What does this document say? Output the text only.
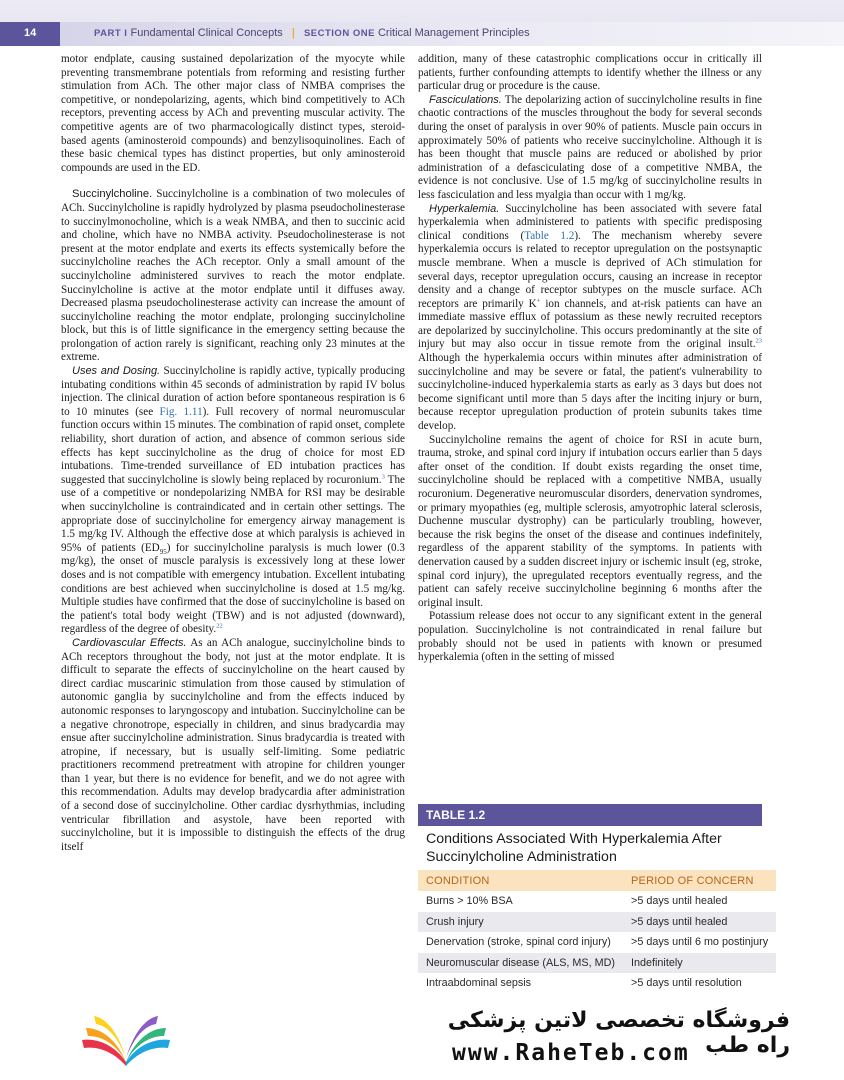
14	PART I Fundamental Clinical Concepts | SECTION ONE Critical Management Principles

motor endplate, causing sustained depolarization of the myocyte while preventing transmembrane potentials from reforming and resisting further stimulation from ACh. The other major class of NMBA comprises the competitive, or nondepolarizing, agents, which bind competitively to ACh receptors, preventing access by ACh and preventing muscular activity. The competitive agents are of two pharmacologically distinct types, steroid-based agents (aminosteroid compounds) and benzylisoquinolines. Each of these basic chemical types has distinct properties, but only aminosteroid compounds are used in the ED.

Succinylcholine. Succinylcholine is a combination of two molecules of ACh. Succinylcholine is rapidly hydrolyzed by plasma pseudocholinesterase to succinylmonocholine, which is a weak NMBA, and then to succinic acid and choline, which have no NMBA activity. Pseudocholinesterase is not present at the motor endplate and exerts its effects systemically before the succinylcholine reaches the ACh receptor. Only a small amount of the succinylcholine administered survives to reach the motor endplate. Succinylcholine is active at the motor endplate until it diffuses away. Decreased plasma pseudocholinesterase activity can increase the amount of succinylcholine reaching the motor endplate, prolonging succinylcholine block, but this is of little significance in the emergency setting because the prolongation of action rarely is significant, reaching only 23 minutes at the extreme.

Uses and Dosing. Succinylcholine is rapidly active, typically producing intubating conditions within 45 seconds of administration by rapid IV bolus injection. The clinical duration of action before spontaneous respiration is 6 to 10 minutes (see Fig. 1.11). Full recovery of normal neuromuscular function occurs within 15 minutes. The combination of rapid onset, complete reliability, short duration of action, and absence of common serious side effects has kept succinylcholine as the drug of choice for most ED intubations. Time-trended surveillance of ED intubation practices has suggested that succinylcholine is slowly being replaced by rocuronium.$^3$ The use of a competitive or nondepolarizing NMBA for RSI may be desirable when succinylcholine is contraindicated and in certain other settings. The appropriate dose of succinylcholine for emergency airway management is 1.5 mg/kg IV. Although the effective dose at which paralysis is achieved in 95% of patients $(ED_{95})$ for succinylcholine paralysis is much lower (0.3 mg/kg), the onset of muscle paralysis is excessively long at these lower doses and is not compatible with emergency intubation. Excellent intubating conditions are best achieved when succinylcholine is dosed at 1.5 mg/kg. Multiple studies have confirmed that the dose of succinylcholine is based on the patient's total body weight (TBW) and is not adjusted (downward), regardless of the degree of obesity.$^{22}$

Cardiovascular Effects. As an ACh analogue, succinylcholine binds to ACh receptors throughout the body, not just at the motor endplate. It is difficult to separate the effects of succinylcholine on the heart caused by direct cardiac muscarinic stimulation from those caused by stimulation of autonomic ganglia by succinylcholine and from the effects induced by autonomic responses to laryngoscopy and intubation. Succinylcholine can be a negative chronotrope, especially in children, and sinus bradycardia may ensue after succinylcholine administration. Sinus bradycardia is treated with atropine, if necessary, but is usually self-limiting. Some pediatric practitioners recommend pretreatment with atropine for children younger than 1 year, but there is no evidence for benefit, and we do not agree with this recommendation. Adults may develop bradycardia after administration of a second dose of succinylcholine. Other cardiac dysrhythmias, including ventricular fibrillation and asystole, have been reported with succinylcholine, but it is impossible to distinguish the effects of the drug itself

addition, many of these catastrophic complications occur in critically ill patients, further confounding attempts to identify whether the illness or any particular drug or procedure is the cause.

Fasciculations. The depolarizing action of succinylcholine results in fine chaotic contractions of the muscles throughout the body for several seconds during the onset of paralysis in over 90% of patients. Muscle pain occurs in approximately 50% of patients who receive succinylcholine. Although it is has been thought that muscle pains are reduced or abolished by prior administration of a defasciculating dose of a competitive NMBA, the evidence is not conclusive. Use of 1.5 mg/kg of succinylcholine results in less fasciculation and less myalgia than occur with 1 mg/kg.

Hyperkalemia. Succinylcholine has been associated with severe fatal hyperkalemia when administered to patients with specific predisposing clinical conditions (Table 1.2). The mechanism whereby severe hyperkalemia occurs is related to receptor upregulation on the postsynaptic muscle membrane. When a muscle is deprived of ACh stimulation for several days, receptor upregulation occurs, causing an increase in receptor density and a change of receptor subtypes on the muscle surface. ACh receptors are primarily K+ ion channels, and at-risk patients can have an immediate massive efflux of potassium as these newly recruited receptors are depolarized by succinylcholine. This occurs predominantly at the site of injury but may also occur in tissue remote from the original insult.$^{23}$ Although the hyperkalemia occurs within minutes after administration of succinylcholine and may be severe or fatal, the patient's vulnerability to succinylcholine-induced hyperkalemia starts as early as 3 days but does not become significant until more than 5 days after the inciting injury or burn, because receptor upregulation production of protein subunits takes time develop.

Succinylcholine remains the agent of choice for RSI in acute burn, trauma, stroke, and spinal cord injury if intubation occurs earlier than 5 days after onset of the condition. If doubt exists regarding the onset time, succinylcholine should be replaced with a competitive NMBA, usually rocuronium. Degenerative neuromuscular disorders, denervation syndromes, or primary myopathies (eg, multiple sclerosis, amyotrophic lateral sclerosis, Duchenne muscular dystrophy) can be particularly troubling, however, because the risk begins the onset of the disease and continues indefinitely, regardless of the apparent stability of the symptoms. In patients with denervation caused by a sudden discreet injury or ischemic insult (eg, stroke, spinal cord injury), the upregulated receptors eventually regress, and the patient can safely receive succinylcholine beginning 6 months after the original insult.

Potassium release does not occur to any significant extent in the general population. Succinylcholine is not contraindicated in renal failure but probably should not be used in patients with known or presumed hyperkalemia (often in the setting of missed

TABLE 1.2
Conditions Associated With Hyperkalemia After Succinylcholine Administration
CONDITION	PERIOD OF CONCERN
Burns > 10% BSA	>5 days until healed
Crush injury	>5 days until healed
Denervation (stroke, spinal cord injury)	>5 days until 6 mo postinjury
Neuromuscular disease (ALS, MS, MD)	Indefinitely
Intraabdominal sepsis	>5 days until resolution
فروشگاه تخصصی لاتین پزشکی راه طب
www.RaheTeb.com
